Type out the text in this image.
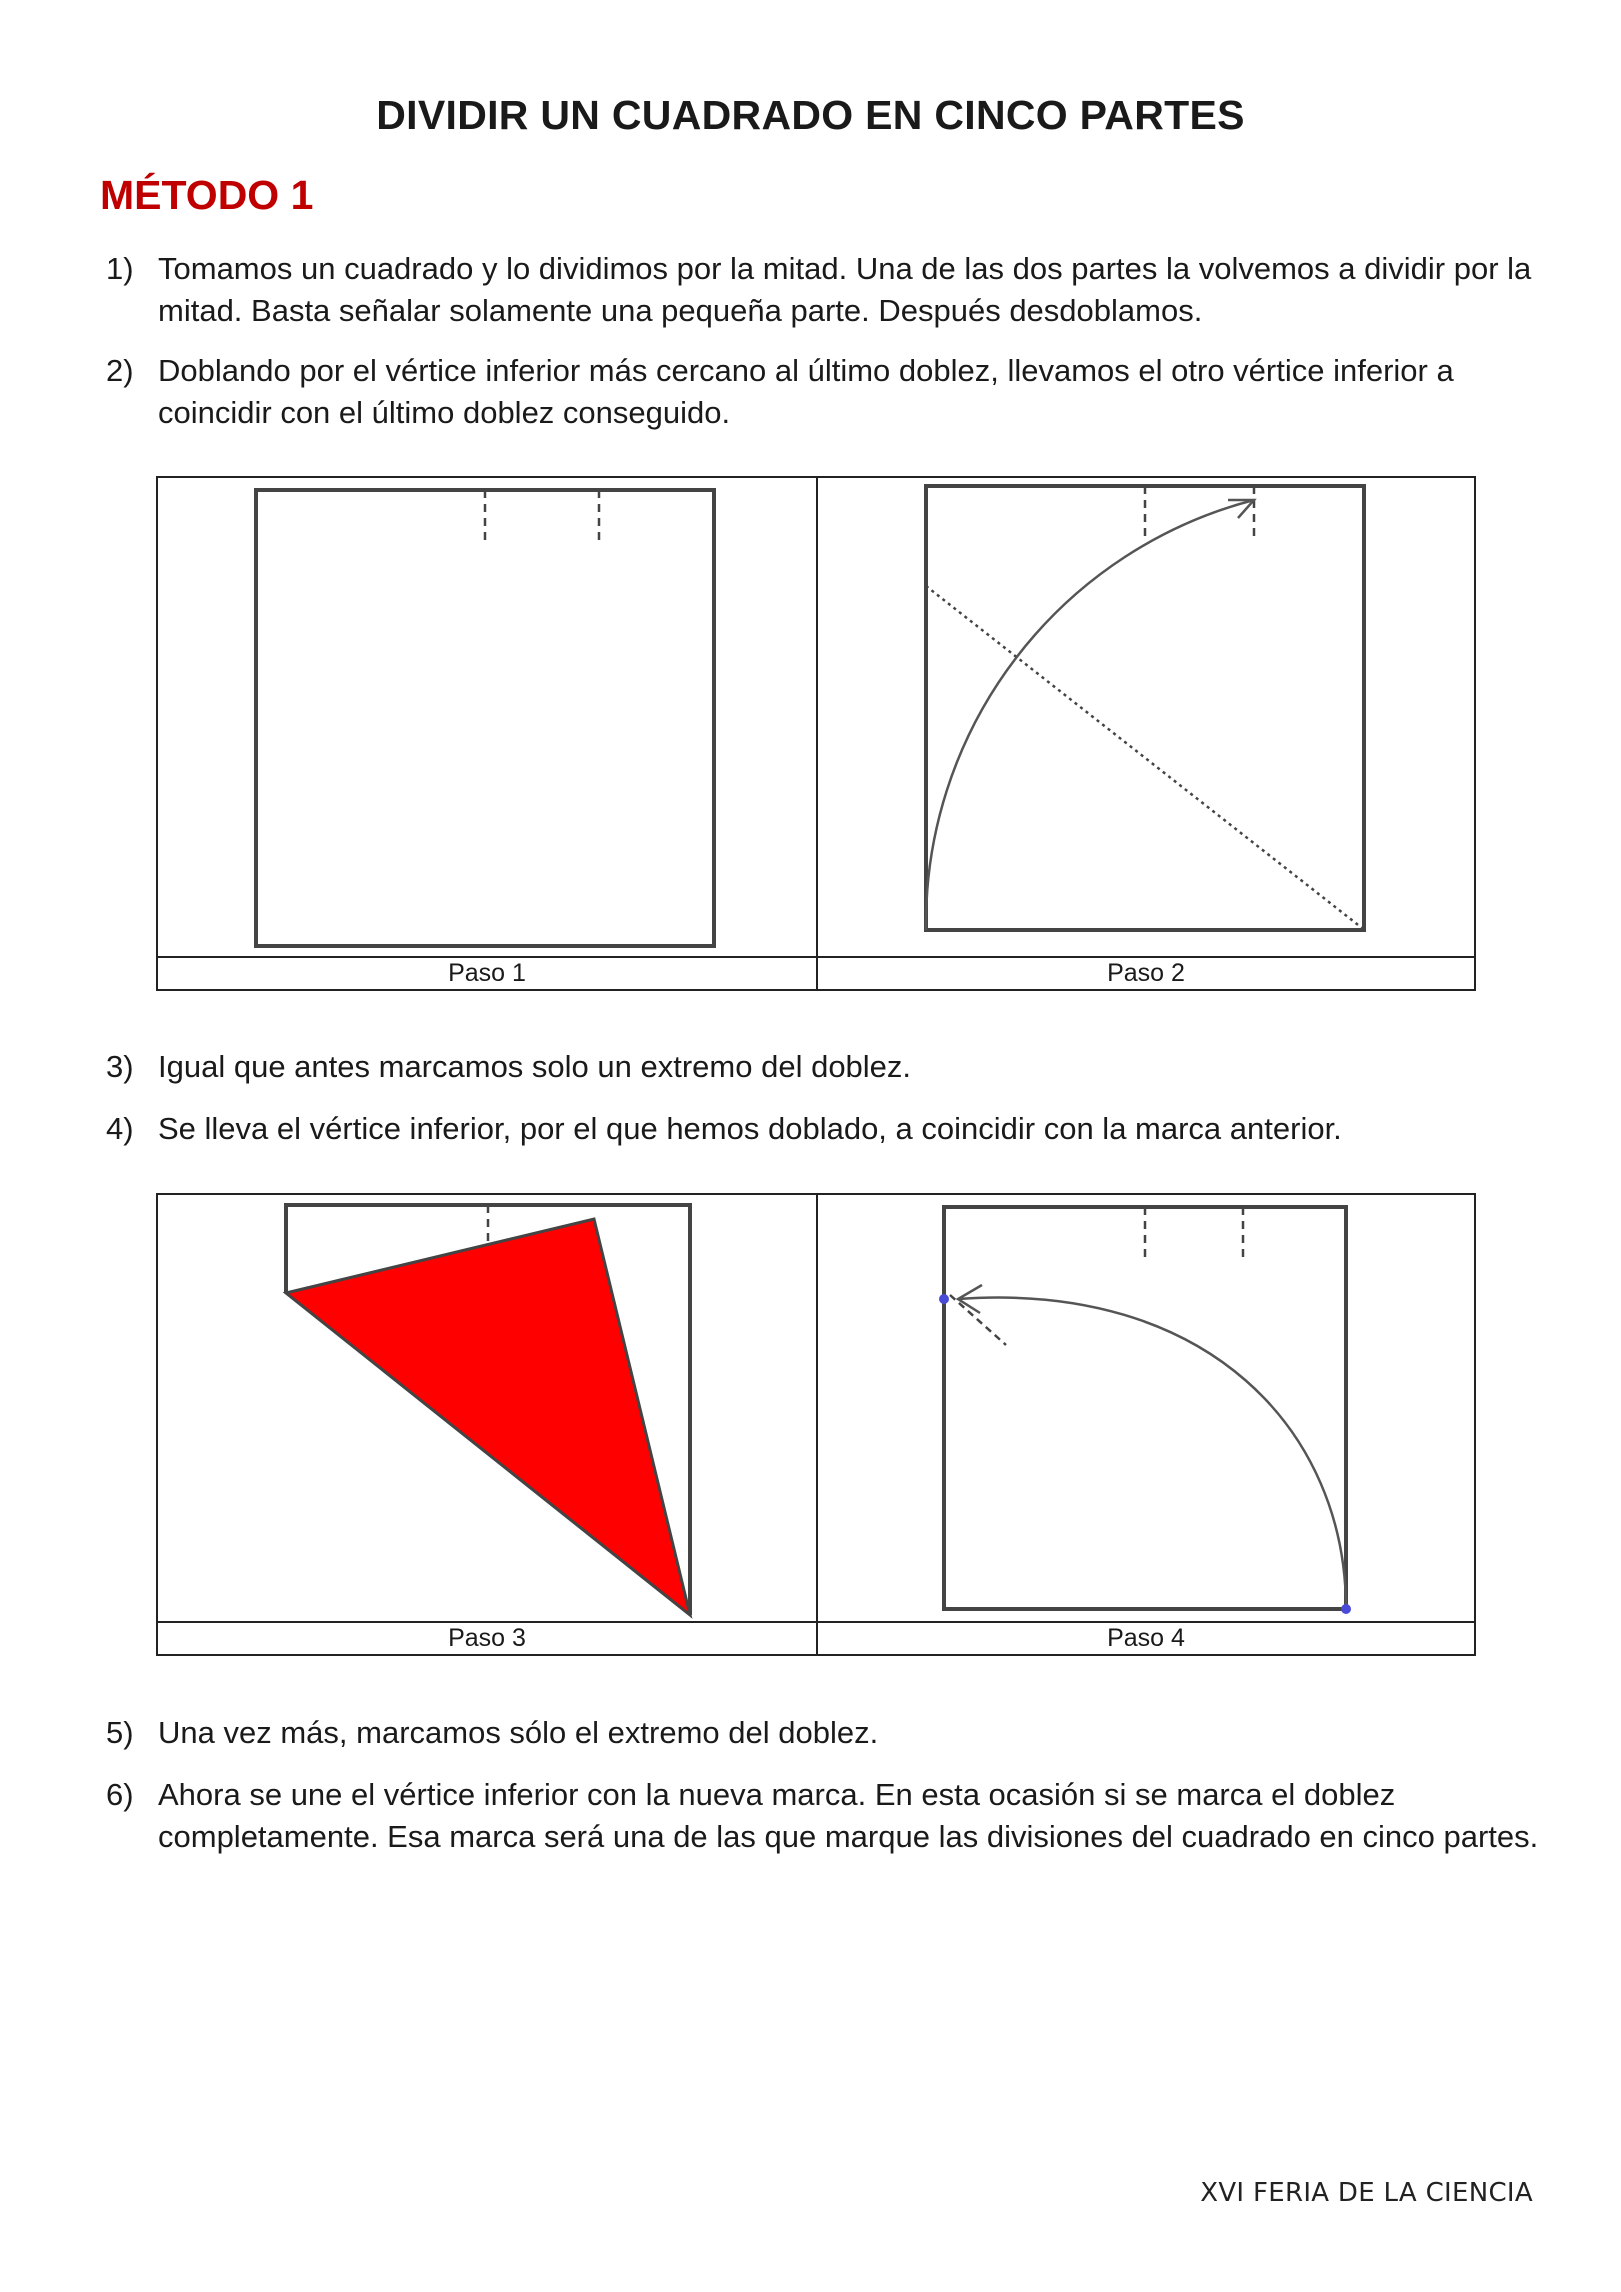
DIVIDIR UN CUADRADO EN CINCO PARTES
MÉTODO 1
1) Tomamos un cuadrado y lo dividimos por la mitad. Una de las dos partes la volvemos a dividir por la mitad. Basta señalar solamente una pequeña parte. Después desdoblamos.
2) Doblando por el vértice inferior más cercano al último doblez, llevamos el otro vértice inferior a coincidir con el último doblez conseguido.
Paso 1	Paso 2
3) Igual que antes marcamos solo un extremo del doblez.
4) Se lleva el vértice inferior, por el que hemos doblado, a coincidir con la marca anterior.
Paso 3	Paso 4
5) Una vez más, marcamos sólo el extremo del doblez.
6) Ahora se une el vértice inferior con la nueva marca. En esta ocasión si se marca el doblez completamente. Esa marca será una de las que marque las divisiones del cuadrado en cinco partes.
XVI FERIA DE LA CIENCIA
